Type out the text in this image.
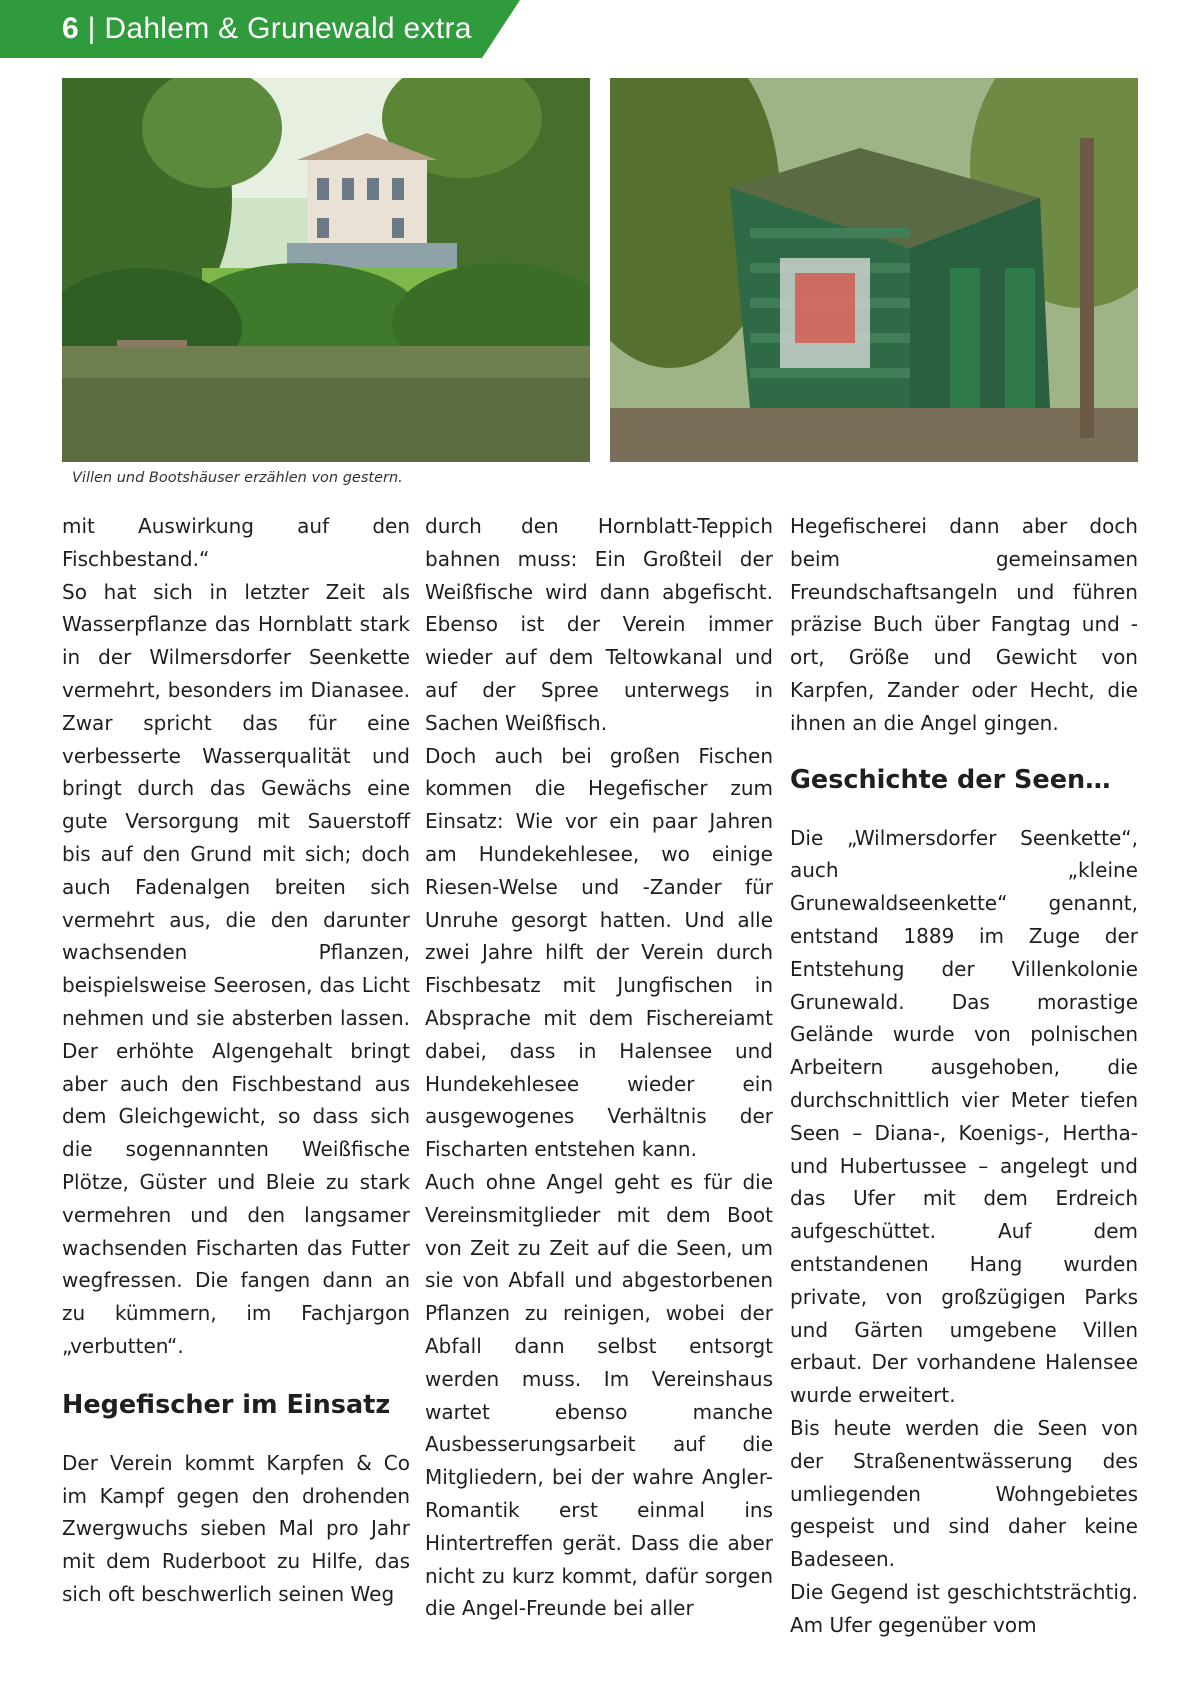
6 | Dahlem & Grunewald extra
Villen und Bootshäuser erzählen von gestern.

mit Auswirkung auf den Fischbestand.“

So hat sich in letzter Zeit als Wasserpflanze das Hornblatt stark in der Wilmersdorfer Seenkette vermehrt, besonders im Dianasee. Zwar spricht das für eine verbesserte Wasserqualität und bringt durch das Gewächs eine gute Versorgung mit Sauerstoff bis auf den Grund mit sich; doch auch Fadenalgen breiten sich vermehrt aus, die den darunter wachsenden Pflanzen, beispielsweise Seerosen, das Licht nehmen und sie absterben lassen. Der erhöhte Algengehalt bringt aber auch den Fischbestand aus dem Gleichgewicht, so dass sich die sogennannten Weißfische Plötze, Güster und Bleie zu stark vermehren und den langsamer wachsenden Fischarten das Futter wegfressen. Die fangen dann an zu kümmern, im Fachjargon „verbutten“.

Hegefischer im Einsatz

Der Verein kommt Karpfen & Co im Kampf gegen den drohenden Zwergwuchs sieben Mal pro Jahr mit dem Ruderboot zu Hilfe, das sich oft beschwerlich seinen Weg

durch den Hornblatt-Teppich bahnen muss: Ein Großteil der Weißfische wird dann abgefischt. Ebenso ist der Verein immer wieder auf dem Teltowkanal und auf der Spree unterwegs in Sachen Weißfisch.

Doch auch bei großen Fischen kommen die Hegefischer zum Einsatz: Wie vor ein paar Jahren am Hundekehlesee, wo einige Riesen-Welse und -Zander für Unruhe gesorgt hatten. Und alle zwei Jahre hilft der Verein durch Fischbesatz mit Jungfischen in Absprache mit dem Fischereiamt dabei, dass in Halensee und Hundekehlesee wieder ein ausgewogenes Verhältnis der Fischarten entstehen kann.

Auch ohne Angel geht es für die Vereinsmitglieder mit dem Boot von Zeit zu Zeit auf die Seen, um sie von Abfall und abgestorbenen Pflanzen zu reinigen, wobei der Abfall dann selbst entsorgt werden muss. Im Vereinshaus wartet ebenso manche Ausbesserungsarbeit auf die Mitgliedern, bei der wahre Angler-Romantik erst einmal ins Hintertreffen gerät. Dass die aber nicht zu kurz kommt, dafür sorgen die Angel-Freunde bei aller

Hegefischerei dann aber doch beim gemeinsamen Freundschaftsangeln und führen präzise Buch über Fangtag und -ort, Größe und Gewicht von Karpfen, Zander oder Hecht, die ihnen an die Angel gingen.

Geschichte der Seen…

Die „Wilmersdorfer Seenkette“, auch „kleine Grunewaldseenkette“ genannt, entstand 1889 im Zuge der Entstehung der Villenkolonie Grunewald. Das morastige Gelände wurde von polnischen Arbeitern ausgehoben, die durchschnittlich vier Meter tiefen Seen – Diana-, Koenigs-, Hertha- und Hubertussee – angelegt und das Ufer mit dem Erdreich aufgeschüttet. Auf dem entstandenen Hang wurden private, von großzügigen Parks und Gärten umgebene Villen erbaut. Der vorhandene Halensee wurde erweitert.

Bis heute werden die Seen von der Straßenentwässerung des umliegenden Wohngebietes gespeist und sind daher keine Badeseen.

Die Gegend ist geschichtsträchtig. Am Ufer gegenüber vom
